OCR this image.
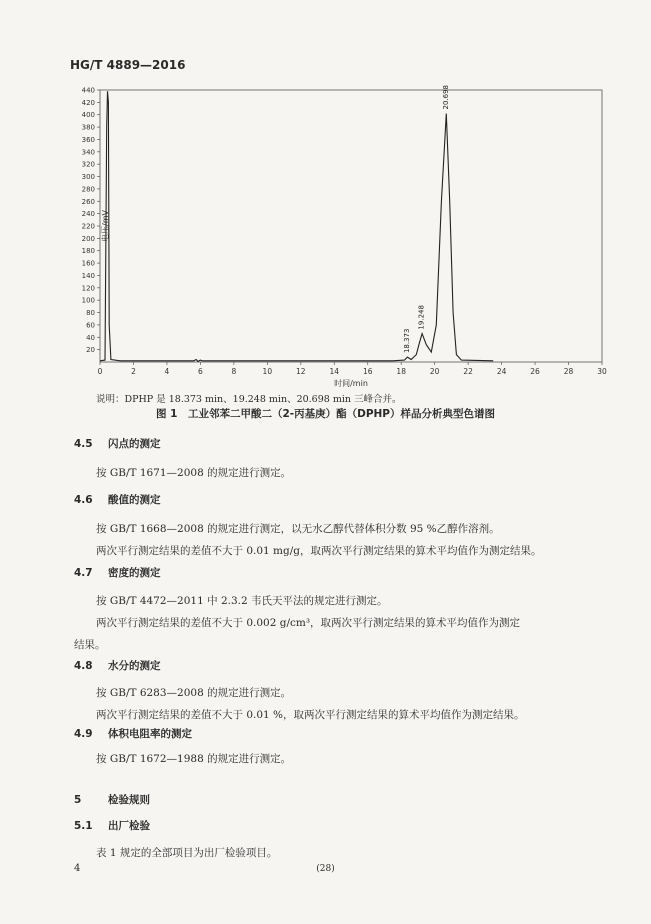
HG/T 4889—2016
0	2	4	6	8	10	12	14	16	18	20	22	24	26	28	30
20
40
60
80
100
120
140
160
180
200
220
240
260
280
300
320
340
360
380
400
420
440
时间/min
电压/mV
18.373
19.248
20.698
说明：DPHP 是 18.373 min、19.248 min、20.698 min 三峰合并。
图 1　工业邻苯二甲酸二（2-丙基庚）酯（DPHP）样品分析典型色谱图
4.5 闪点的测定
按 GB/T 1671—2008 的规定进行测定。
4.6 酸值的测定
按 GB/T 1668—2008 的规定进行测定，以无水乙醇代替体积分数 95 %乙醇作溶剂。
两次平行测定结果的差值不大于 0.01 mg/g，取两次平行测定结果的算术平均值作为测定结果。
4.7 密度的测定
按 GB/T 4472—2011 中 2.3.2 韦氏天平法的规定进行测定。
两次平行测定结果的差值不大于 0.002 g/cm³，取两次平行测定结果的算术平均值作为测定
结果。
4.8 水分的测定
按 GB/T 6283—2008 的规定进行测定。
两次平行测定结果的差值不大于 0.01 %，取两次平行测定结果的算术平均值作为测定结果。
4.9 体积电阻率的测定
按 GB/T 1672—1988 的规定进行测定。
5	检验规则
5.1 出厂检验
表 1 规定的全部项目为出厂检验项目。
4	(28)
